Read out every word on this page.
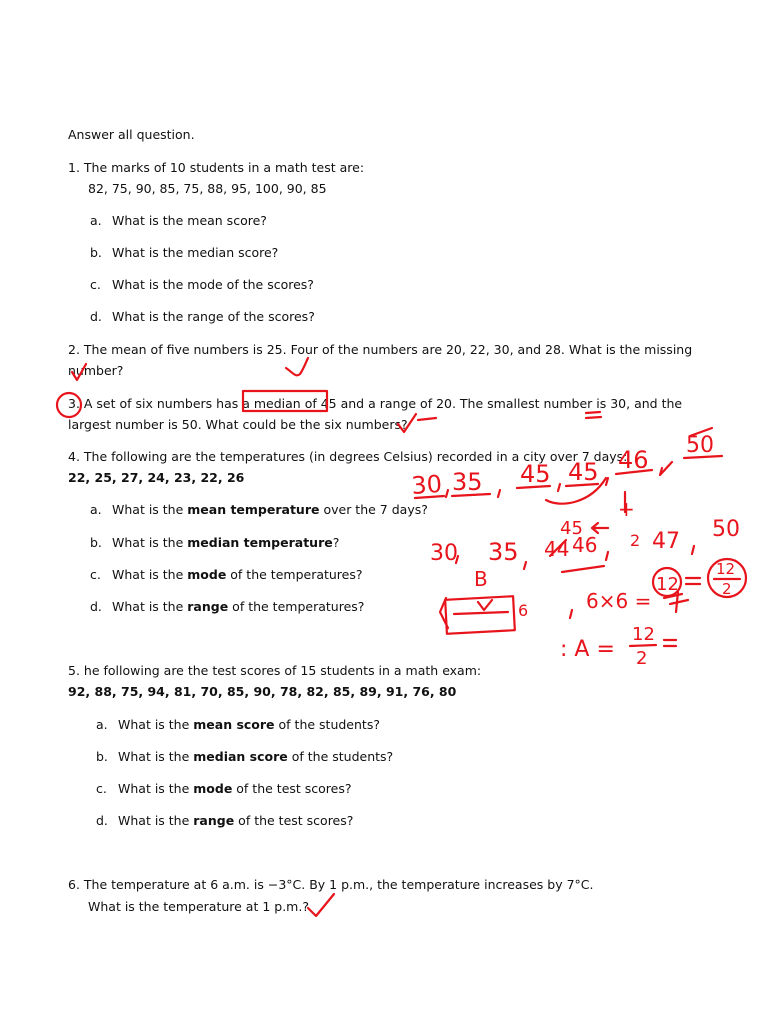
Answer all question.
1. The marks of 10 students in a math test are:
82, 75, 90, 85, 75, 88, 95, 100, 90, 85
a. What is the mean score?
b. What is the median score?
c. What is the mode of the scores?
d. What is the range of the scores?
2. The mean of five numbers is 25. Four of the numbers are 20, 22, 30, and 28. What is the missing
number?
3. A set of six numbers has a median of 45 and a range of 20. The smallest number is 30, and the
largest number is 50. What could be the six numbers?
4. The following are the temperatures (in degrees Celsius) recorded in a city over 7 days:
22, 25, 27, 24, 23, 22, 26
a. What is the mean temperature over the 7 days?
b. What is the median temperature?
c. What is the mode of the temperatures?
d. What is the range of the temperatures?
5. he following are the test scores of 15 students in a math exam:
92, 88, 75, 94, 81, 70, 85, 90, 78, 82, 85, 89, 91, 76, 80
a. What is the mean score of the students?
b. What is the median score of the students?
c. What is the mode of the test scores?
d. What is the range of the test scores?
6. The temperature at 6 a.m. is −3°C. By 1 p.m., the temperature increases by 7°C.
What is the temperature at 1 p.m.?
30 35 45 45 46
50
+
45
30 35 44 46 2 47 50
B
6	6×6 =
12
12
2
: A =
12
2
